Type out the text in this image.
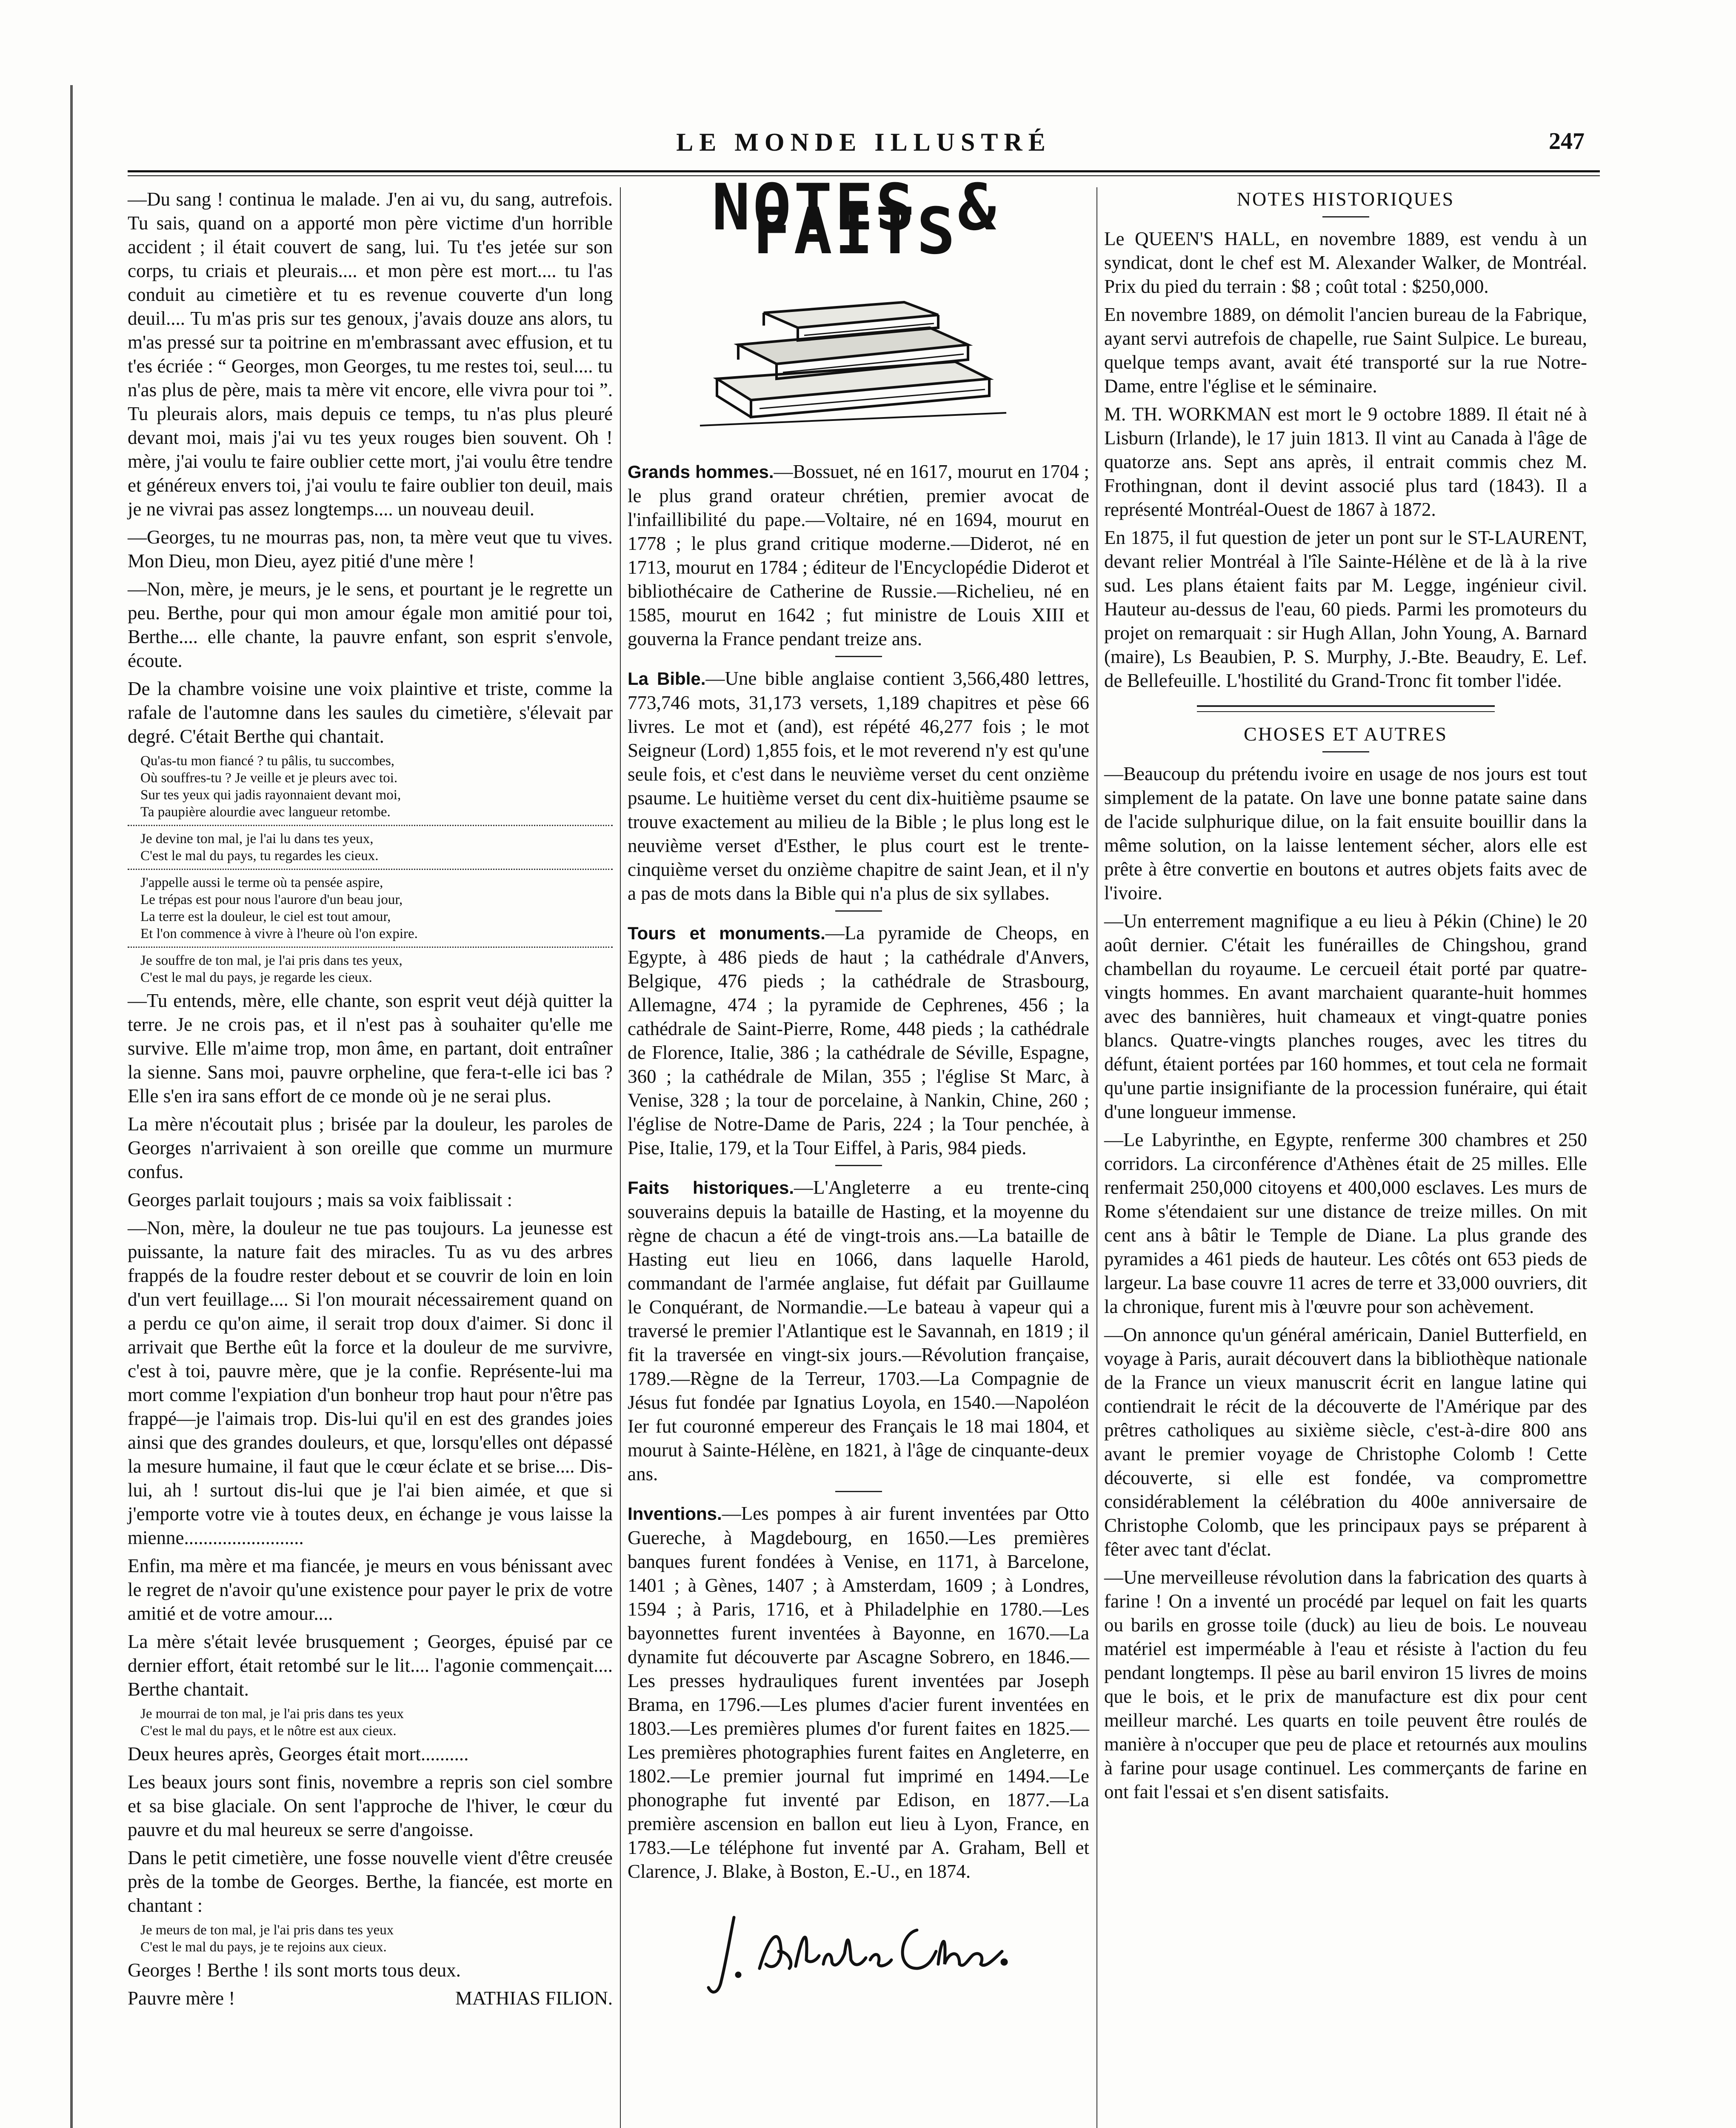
LE MONDE ILLUSTRÉ	247

—Du sang ! continua le malade. J'en ai vu, du sang, autrefois. Tu sais, quand on a apporté mon père victime d'un horrible accident ; il était couvert de sang, lui. Tu t'es jetée sur son corps, tu criais et pleurais.... et mon père est mort.... tu l'as conduit au cimetière et tu es revenue couverte d'un long deuil.... Tu m'as pris sur tes genoux, j'avais douze ans alors, tu m'as pressé sur ta poitrine en m'embrassant avec effusion, et tu t'es écriée : “ Georges, mon Georges, tu me restes toi, seul.... tu n'as plus de père, mais ta mère vit encore, elle vivra pour toi ”. Tu pleurais alors, mais depuis ce temps, tu n'as plus pleuré devant moi, mais j'ai vu tes yeux rouges bien souvent. Oh ! mère, j'ai voulu te faire oublier cette mort, j'ai voulu être tendre et généreux envers toi, j'ai voulu te faire oublier ton deuil, mais je ne vivrai pas assez longtemps.... un nouveau deuil.

—Georges, tu ne mourras pas, non, ta mère veut que tu vives. Mon Dieu, mon Dieu, ayez pitié d'une mère !

—Non, mère, je meurs, je le sens, et pourtant je le regrette un peu. Berthe, pour qui mon amour égale mon amitié pour toi, Berthe.... elle chante, la pauvre enfant, son esprit s'envole, écoute.

De la chambre voisine une voix plaintive et triste, comme la rafale de l'automne dans les saules du cimetière, s'élevait par degré. C'était Berthe qui chantait.

Qu'as-tu mon fiancé ? tu pâlis, tu succombes,
Où souffres-tu ? Je veille et je pleurs avec toi.
Sur tes yeux qui jadis rayonnaient devant moi,
Ta paupière alourdie avec langueur retombe.
Je devine ton mal, je l'ai lu dans tes yeux,
C'est le mal du pays, tu regardes les cieux.
J'appelle aussi le terme où ta pensée aspire,
Le trépas est pour nous l'aurore d'un beau jour,
La terre est la douleur, le ciel est tout amour,
Et l'on commence à vivre à l'heure où l'on expire.
Je souffre de ton mal, je l'ai pris dans tes yeux,
C'est le mal du pays, je regarde les cieux.

—Tu entends, mère, elle chante, son esprit veut déjà quitter la terre. Je ne crois pas, et il n'est pas à souhaiter qu'elle me survive. Elle m'aime trop, mon âme, en partant, doit entraîner la sienne. Sans moi, pauvre orpheline, que fera-t-elle ici bas ? Elle s'en ira sans effort de ce monde où je ne serai plus.

La mère n'écoutait plus ; brisée par la douleur, les paroles de Georges n'arrivaient à son oreille que comme un murmure confus.

Georges parlait toujours ; mais sa voix faiblissait :

—Non, mère, la douleur ne tue pas toujours. La jeunesse est puissante, la nature fait des miracles. Tu as vu des arbres frappés de la foudre rester debout et se couvrir de loin en loin d'un vert feuillage.... Si l'on mourait nécessairement quand on a perdu ce qu'on aime, il serait trop doux d'aimer. Si donc il arrivait que Berthe eût la force et la douleur de me survivre, c'est à toi, pauvre mère, que je la confie. Représente-lui ma mort comme l'expiation d'un bonheur trop haut pour n'être pas frappé—je l'aimais trop. Dis-lui qu'il en est des grandes joies ainsi que des grandes douleurs, et que, lorsqu'elles ont dépassé la mesure humaine, il faut que le cœur éclate et se brise.... Dis-lui, ah ! surtout dis-lui que je l'ai bien aimée, et que si j'emporte votre vie à toutes deux, en échange je vous laisse la mienne.........................

Enfin, ma mère et ma fiancée, je meurs en vous bénissant avec le regret de n'avoir qu'une existence pour payer le prix de votre amitié et de votre amour....

La mère s'était levée brusquement ; Georges, épuisé par ce dernier effort, était retombé sur le lit.... l'agonie commençait.... Berthe chantait.

Je mourrai de ton mal, je l'ai pris dans tes yeux
C'est le mal du pays, et le nôtre est aux cieux.

Deux heures après, Georges était mort..........

Les beaux jours sont finis, novembre a repris son ciel sombre et sa bise glaciale. On sent l'approche de l'hiver, le cœur du pauvre et du mal heureux se serre d'angoisse.

Dans le petit cimetière, une fosse nouvelle vient d'être creusée près de la tombe de Georges. Berthe, la fiancée, est morte en chantant :

Je meurs de ton mal, je l'ai pris dans tes yeux
C'est le mal du pays, je te rejoins aux cieux.

Georges ! Berthe ! ils sont morts tous deux.

Pauvre mère !	MATHIAS FILION.
NOTES & FAITS

Grands hommes.—Bossuet, né en 1617, mourut en 1704 ; le plus grand orateur chrétien, premier avocat de l'infaillibilité du pape.—Voltaire, né en 1694, mourut en 1778 ; le plus grand critique moderne.—Diderot, né en 1713, mourut en 1784 ; éditeur de l'Encyclopédie Diderot et bibliothécaire de Catherine de Russie.—Richelieu, né en 1585, mourut en 1642 ; fut ministre de Louis XIII et gouverna la France pendant treize ans.

La Bible.—Une bible anglaise contient 3,566,480 lettres, 773,746 mots, 31,173 versets, 1,189 chapitres et pèse 66 livres. Le mot et (and), est répété 46,277 fois ; le mot Seigneur (Lord) 1,855 fois, et le mot reverend n'y est qu'une seule fois, et c'est dans le neuvième verset du cent onzième psaume. Le huitième verset du cent dix-huitième psaume se trouve exactement au milieu de la Bible ; le plus long est le neuvième verset d'Esther, le plus court est le trente-cinquième verset du onzième chapitre de saint Jean, et il n'y a pas de mots dans la Bible qui n'a plus de six syllabes.

Tours et monuments.—La pyramide de Cheops, en Egypte, à 486 pieds de haut ; la cathédrale d'Anvers, Belgique, 476 pieds ; la cathédrale de Strasbourg, Allemagne, 474 ; la pyramide de Cephrenes, 456 ; la cathédrale de Saint-Pierre, Rome, 448 pieds ; la cathédrale de Florence, Italie, 386 ; la cathédrale de Séville, Espagne, 360 ; la cathédrale de Milan, 355 ; l'église St Marc, à Venise, 328 ; la tour de porcelaine, à Nankin, Chine, 260 ; l'église de Notre-Dame de Paris, 224 ; la Tour penchée, à Pise, Italie, 179, et la Tour Eiffel, à Paris, 984 pieds.

Faits historiques.—L'Angleterre a eu trente-cinq souverains depuis la bataille de Hasting, et la moyenne du règne de chacun a été de vingt-trois ans.—La bataille de Hasting eut lieu en 1066, dans laquelle Harold, commandant de l'armée anglaise, fut défait par Guillaume le Conquérant, de Normandie.—Le bateau à vapeur qui a traversé le premier l'Atlantique est le Savannah, en 1819 ; il fit la traversée en vingt-six jours.—Révolution française, 1789.—Règne de la Terreur, 1703.—La Compagnie de Jésus fut fondée par Ignatius Loyola, en 1540.—Napoléon Ier fut couronné empereur des Français le 18 mai 1804, et mourut à Sainte-Hélène, en 1821, à l'âge de cinquante-deux ans.

Inventions.—Les pompes à air furent inventées par Otto Guereche, à Magdebourg, en 1650.—Les premières banques furent fondées à Venise, en 1171, à Barcelone, 1401 ; à Gènes, 1407 ; à Amsterdam, 1609 ; à Londres, 1594 ; à Paris, 1716, et à Philadelphie en 1780.—Les bayonnettes furent inventées à Bayonne, en 1670.—La dynamite fut découverte par Ascagne Sobrero, en 1846.—Les presses hydrauliques furent inventées par Joseph Brama, en 1796.—Les plumes d'acier furent inventées en 1803.—Les premières plumes d'or furent faites en 1825.—Les premières photographies furent faites en Angleterre, en 1802.—Le premier journal fut imprimé en 1494.—Le phonographe fut inventé par Edison, en 1877.—La première ascension en ballon eut lieu à Lyon, France, en 1783.—Le téléphone fut inventé par A. Graham, Bell et Clarence, J. Blake, à Boston, E.-U., en 1874.

NOTES HISTORIQUES

Le QUEEN'S HALL, en novembre 1889, est vendu à un syndicat, dont le chef est M. Alexander Walker, de Montréal. Prix du pied du terrain : $8 ; coût total : $250,000.

En novembre 1889, on démolit l'ancien bureau de la Fabrique, ayant servi autrefois de chapelle, rue Saint Sulpice. Le bureau, quelque temps avant, avait été transporté sur la rue Notre-Dame, entre l'église et le séminaire.

M. TH. WORKMAN est mort le 9 octobre 1889. Il était né à Lisburn (Irlande), le 17 juin 1813. Il vint au Canada à l'âge de quatorze ans. Sept ans après, il entrait commis chez M. Frothingnan, dont il devint associé plus tard (1843). Il a représenté Montréal-Ouest de 1867 à 1872.

En 1875, il fut question de jeter un pont sur le ST-LAURENT, devant relier Montréal à l'île Sainte-Hélène et de là à la rive sud. Les plans étaient faits par M. Legge, ingénieur civil. Hauteur au-dessus de l'eau, 60 pieds. Parmi les promoteurs du projet on remarquait : sir Hugh Allan, John Young, A. Barnard (maire), Ls Beaubien, P. S. Murphy, J.-Bte. Beaudry, E. Lef. de Bellefeuille. L'hostilité du Grand-Tronc fit tomber l'idée.

CHOSES ET AUTRES

—Beaucoup du prétendu ivoire en usage de nos jours est tout simplement de la patate. On lave une bonne patate saine dans de l'acide sulphurique dilue, on la fait ensuite bouillir dans la même solution, on la laisse lentement sécher, alors elle est prête à être convertie en boutons et autres objets faits avec de l'ivoire.

—Un enterrement magnifique a eu lieu à Pékin (Chine) le 20 août dernier. C'était les funérailles de Chingshou, grand chambellan du royaume. Le cercueil était porté par quatre-vingts hommes. En avant marchaient quarante-huit hommes avec des bannières, huit chameaux et vingt-quatre ponies blancs. Quatre-vingts planches rouges, avec les titres du défunt, étaient portées par 160 hommes, et tout cela ne formait qu'une partie insignifiante de la procession funéraire, qui était d'une longueur immense.

—Le Labyrinthe, en Egypte, renferme 300 chambres et 250 corridors. La circonférence d'Athènes était de 25 milles. Elle renfermait 250,000 citoyens et 400,000 esclaves. Les murs de Rome s'étendaient sur une distance de treize milles. On mit cent ans à bâtir le Temple de Diane. La plus grande des pyramides a 461 pieds de hauteur. Les côtés ont 653 pieds de largeur. La base couvre 11 acres de terre et 33,000 ouvriers, dit la chronique, furent mis à l'œuvre pour son achèvement.

—On annonce qu'un général américain, Daniel Butterfield, en voyage à Paris, aurait découvert dans la bibliothèque nationale de la France un vieux manuscrit écrit en langue latine qui contiendrait le récit de la découverte de l'Amérique par des prêtres catholiques au sixième siècle, c'est-à-dire 800 ans avant le premier voyage de Christophe Colomb ! Cette découverte, si elle est fondée, va compromettre considérablement la célébration du 400e anniversaire de Christophe Colomb, que les principaux pays se préparent à fêter avec tant d'éclat.

—Une merveilleuse révolution dans la fabrication des quarts à farine ! On a inventé un procédé par lequel on fait les quarts ou barils en grosse toile (duck) au lieu de bois. Le nouveau matériel est imperméable à l'eau et résiste à l'action du feu pendant longtemps. Il pèse au baril environ 15 livres de moins que le bois, et le prix de manufacture est dix pour cent meilleur marché. Les quarts en toile peuvent être roulés de manière à n'occuper que peu de place et retournés aux moulins à farine pour usage continuel. Les commerçants de farine en ont fait l'essai et s'en disent satisfaits.
